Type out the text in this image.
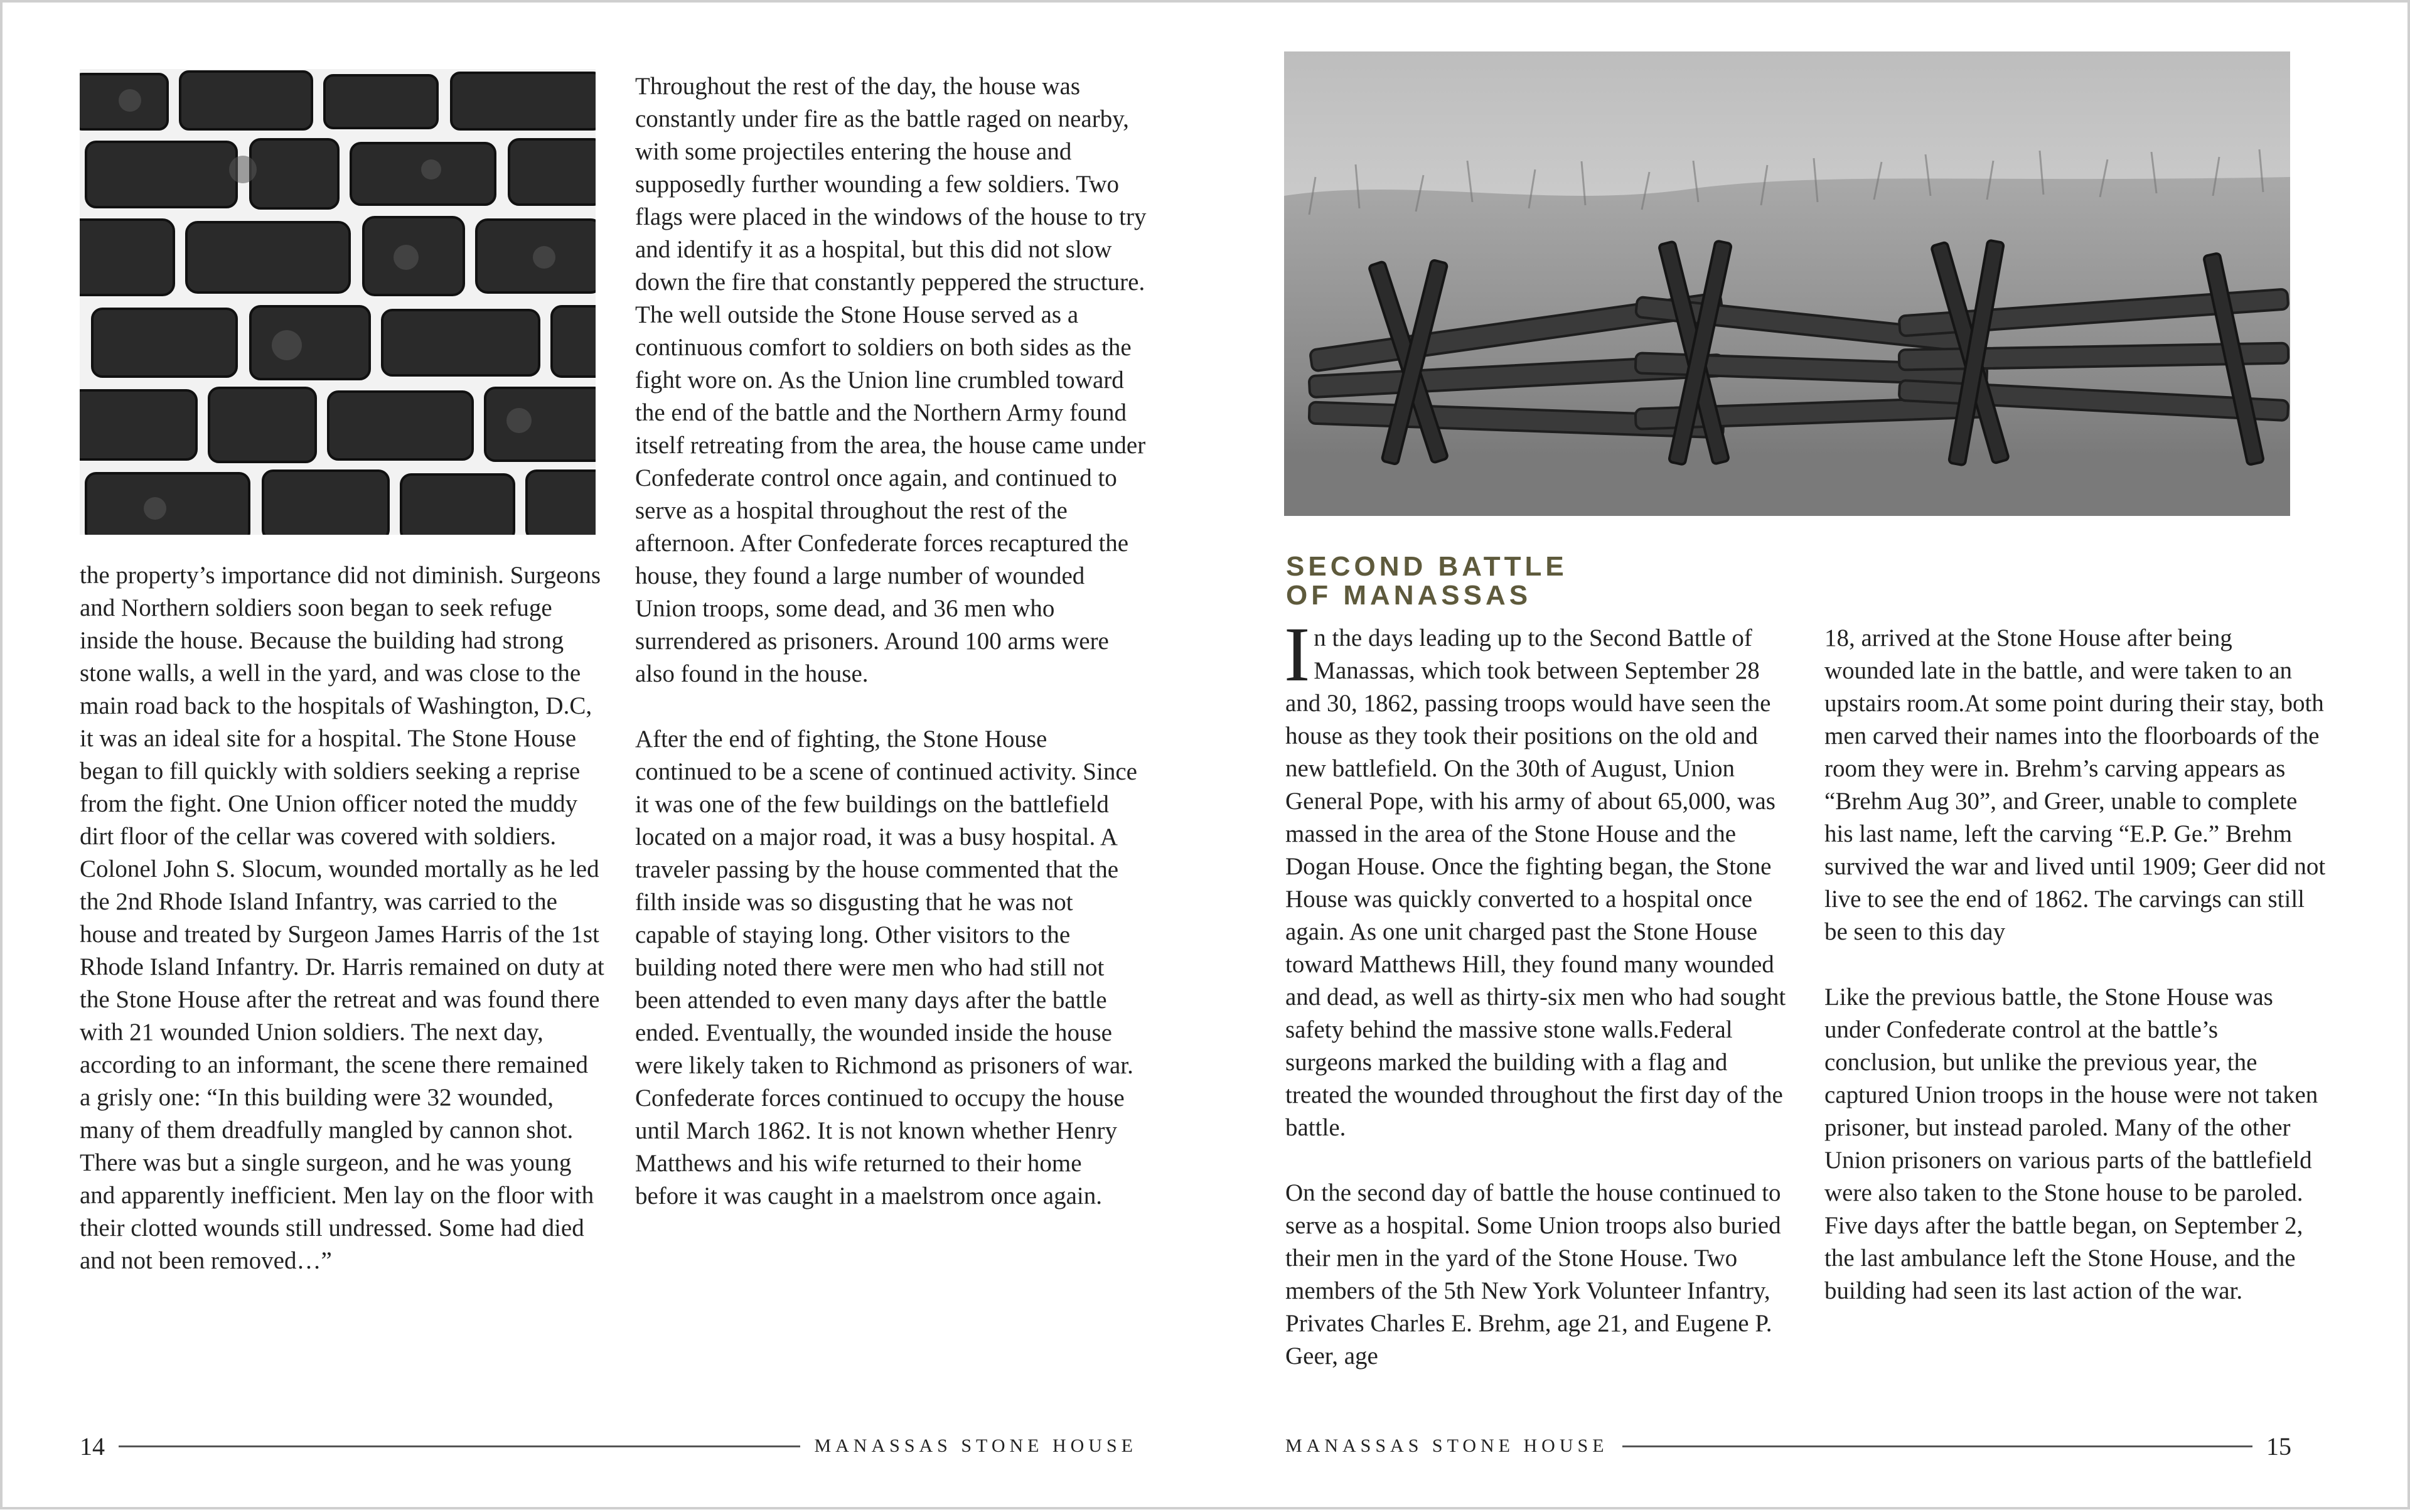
the property’s importance did not diminish. Surgeons and Northern soldiers soon began to seek refuge inside the house. Because the building had strong stone walls, a well in the yard, and was close to the main road back to the hospitals of Washington, D.C, it was an ideal site for a hospital. The Stone House began to fill quickly with soldiers seeking a reprise from the fight. One Union officer noted the muddy dirt floor of the cellar was covered with soldiers. Colonel John S. Slocum, wounded mortally as he led the 2nd Rhode Island Infantry, was carried to the house and treated by Surgeon James Harris of the 1st Rhode Island Infantry. Dr. Harris remained on duty at the Stone House after the retreat and was found there with 21 wounded Union soldiers. The next day, according to an informant, the scene there remained a grisly one: “In this building were 32 wounded, many of them dreadfully mangled by cannon shot. There was but a single surgeon, and he was young and apparently inefficient. Men lay on the floor with their clotted wounds still undressed. Some had died and not been removed…”

Throughout the rest of the day, the house was constantly under fire as the battle raged on nearby, with some projectiles entering the house and supposedly further wounding a few soldiers. Two flags were placed in the windows of the house to try and identify it as a hospital, but this did not slow down the fire that constantly peppered the structure. The well outside the Stone House served as a continuous comfort to soldiers on both sides as the fight wore on. As the Union line crumbled toward the end of the battle and the Northern Army found itself retreating from the area, the house came under Confederate control once again, and continued to serve as a hospital throughout the rest of the afternoon. After Confederate forces recaptured the house, they found a large number of wounded Union troops, some dead, and 36 men who surrendered as prisoners. Around 100 arms were also found in the house.

After the end of fighting, the Stone House continued to be a scene of continued activity. Since it was one of the few buildings on the battlefield located on a major road, it was a busy hospital. A traveler passing by the house commented that the filth inside was so disgusting that he was not capable of staying long. Other visitors to the building noted there were men who had still not been attended to even many days after the battle ended. Eventually, the wounded inside the house were likely taken to Richmond as prisoners of war. Confederate forces continued to occupy the house until March 1862. It is not known whether Henry Matthews and his wife returned to their home before it was caught in a maelstrom once again.

14	MANASSAS STONE HOUSE
SECOND BATTLE
OF MANASSAS

In the days leading up to the Second Battle of Manassas, which took between September 28 and 30, 1862, passing troops would have seen the house as they took their positions on the old and new battlefield. On the 30th of August, Union General Pope, with his army of about 65,000, was massed in the area of the Stone House and the Dogan House. Once the fighting began, the Stone House was quickly converted to a hospital once again. As one unit charged past the Stone House toward Matthews Hill, they found many wounded and dead, as well as thirty-six men who had sought safety behind the massive stone walls.Federal surgeons marked the building with a flag and treated the wounded throughout the first day of the battle.

On the second day of battle the house continued to serve as a hospital. Some Union troops also buried their men in the yard of the Stone House. Two members of the 5th New York Volunteer Infantry, Privates Charles E. Brehm, age 21, and Eugene P. Geer, age

18, arrived at the Stone House after being wounded late in the battle, and were taken to an upstairs room.At some point during their stay, both men carved their names into the floorboards of the room they were in. Brehm’s carving appears as “Brehm Aug 30”, and Greer, unable to complete his last name, left the carving “E.P. Ge.” Brehm survived the war and lived until 1909; Geer did not live to see the end of 1862. The carvings can still be seen to this day

Like the previous battle, the Stone House was under Confederate control at the battle’s conclusion, but unlike the previous year, the captured Union troops in the house were not taken prisoner, but instead paroled. Many of the other Union prisoners on various parts of the battlefield were also taken to the Stone house to be paroled. Five days after the battle began, on September 2, the last ambulance left the Stone House, and the building had seen its last action of the war.

MANASSAS STONE HOUSE	15
